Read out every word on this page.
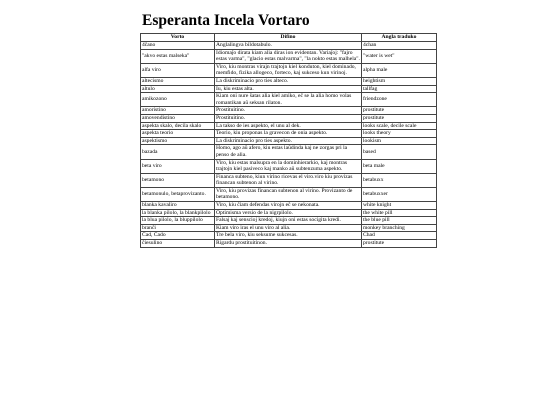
Esperanta Incela Vortaro
Vorto	Difino	Angla traduko
4ĉano	Anglalingva bildotabulo.	4chan
"akvo estas malseka"	Idiomaĵo dirata kiam alia diras ion evidentan. Variaĵoj: "fajro estas varma", "glacio estas malvarma", "la nokto estas malhela".	"water is wet"
alfa viro	Viro, kiu montras virajn trajtojn kiel konduton, kiel dominado, memfido, fizika allogeco, forteco, kaj sukceso kun virinoj.	alpha male
altecismo	La diskriminacio pro ties alteco.	heightism
altulo	Iu, kiu estas alta.	tallfag
amikozono	Kiam oni nure ŝatas alia kiel amiko, eĉ se la alia homo volas romantikan aŭ seksan rilaton.	friendzone
amoristino	Prostituitino.	prostitute
amovendistino	Prostituitino.	prostitute
aspekta skalo, decila skalo	La takso de ies aspekto, el unu al dek.	looks scale, decile scale
aspekta teorio	Teorio, kiu proponas la gravecon de onia aspekto.	looks theory
aspektismo	La diskriminacio pro ties aspekto.	lookism
bazada	Homo, ago aŭ afero, kiu estas laŭdinda kaj ne zorgas pri la penso de alia.	based
beta viro	Viro, kiu estas malsupra en la dominhierarkio, kaj montras trajtojn kiel pasiveco kaj manko aŭ subtenzuma aspekto.	beta male
betamono	Financa subteno, kiun virino ricevas el viro.viro kiu provizas financan subtenon al virino.	betabuxx
betamonulo, betaprovizanto.	Viro, kiu provizas financan subtenon al virino. Provizanto de betamono.	betabuxxer
blanka kavaliro	Viro, kiu ĉiam defendas virojn eĉ se nekonata.	white knight
la blanka pilolo, la blankpilolo	Optimisma versio de la nigrpilolo.	the white pill
la blua pilolo, la bluppilolo	Falsaj kaj senscioj kredoj, kiujn oni estas socigita kredi.	the blue pill
branĉi	Kiam viro iras el unu viro al alia.	monkey branching
Ĉad, Ĉado	Tre bela viro, kiu seksume sukcesas.	Chad
ĉiesulino	Rigardu prostituitinon.	prostitute
